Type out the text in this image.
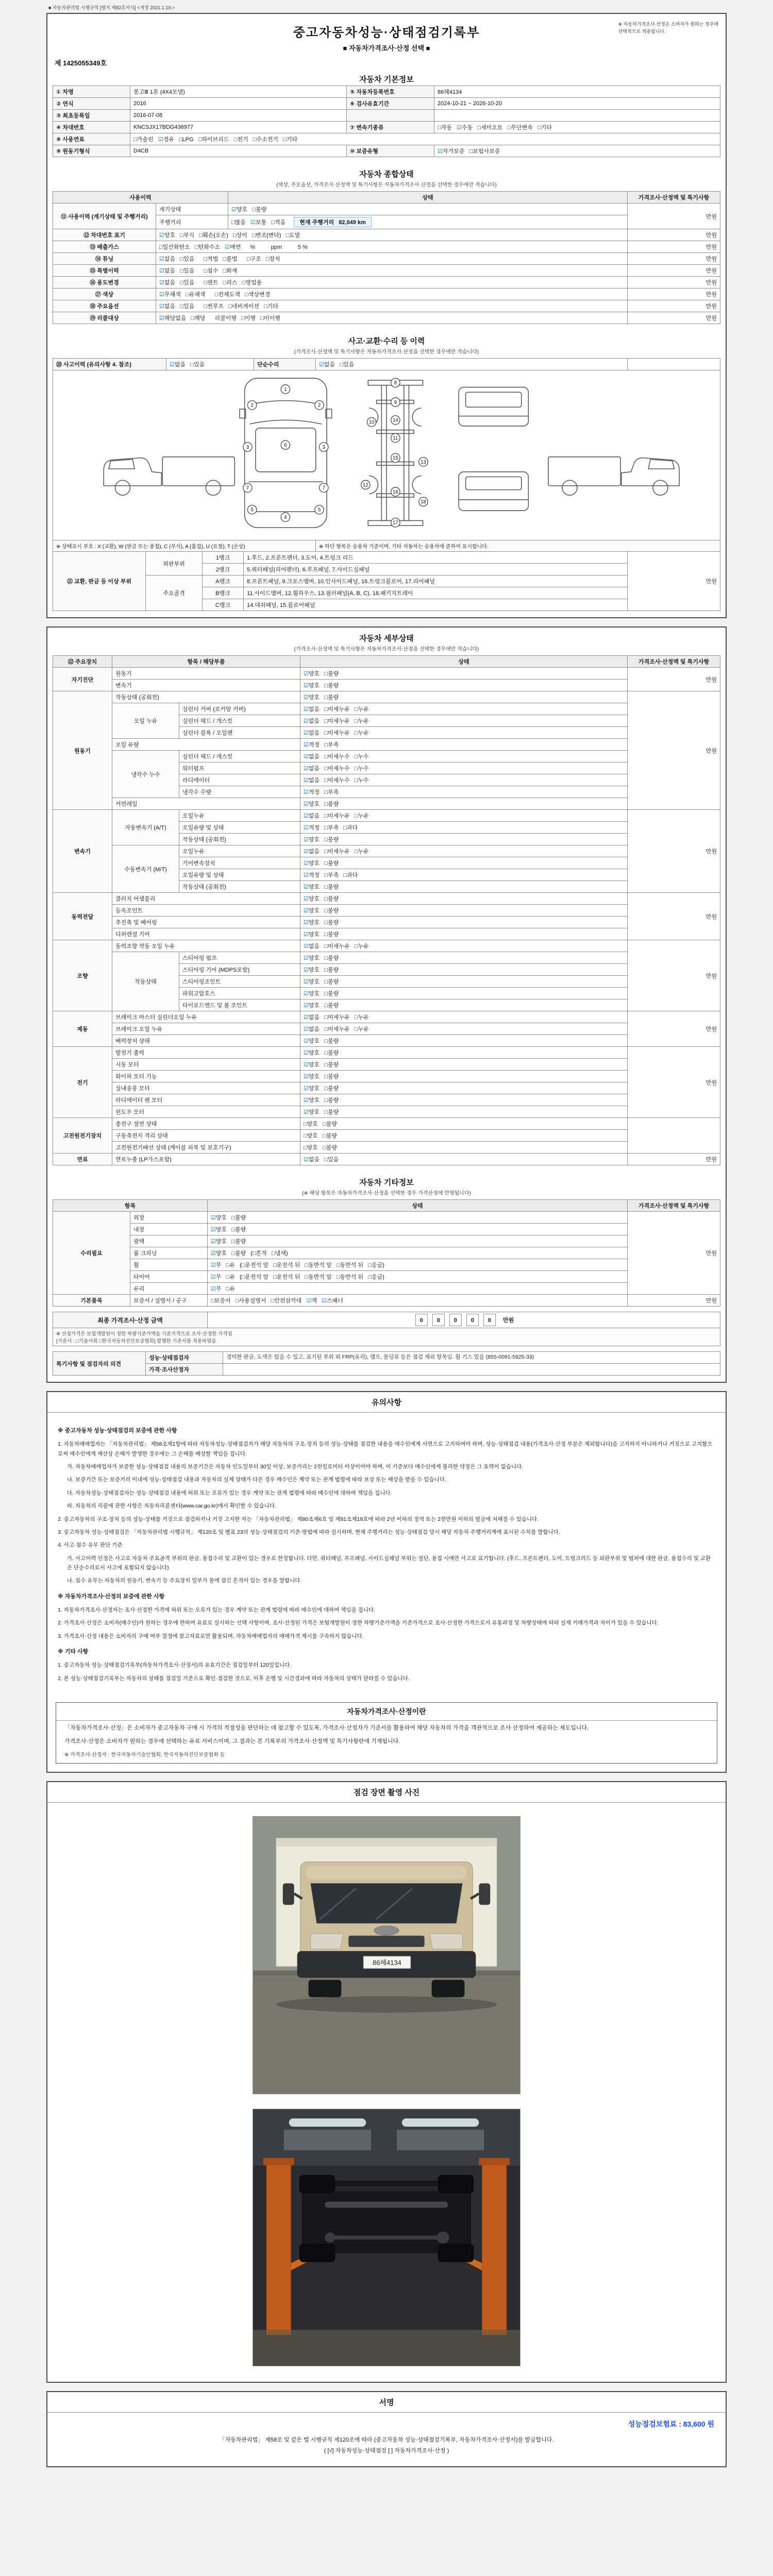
■ 자동차관리법 시행규칙 [별지 제82호서식] <개정 2021.1.19.>
중고자동차성능·상태점검기록부
■ 자동차가격조사·산정 선택 ■
※ 자동차가격조사·산정은 소비자가 원하는 경우에
선택적으로 적용됩니다.
제 1425055349호
자동차 기본정보
① 차명	봉고Ⅲ 1톤 (4X4모델)	⑤ 자동차등록번호	86혜4134
② 연식	2016	⑥ 검사유효기간	2024-10-21 ~ 2026-10-20
③ 최초등록일	2016-07-08		
④ 차대번호	KNCSJX17BDG436977	⑦ 변속기종류	□자동   ☑수동   □세미오토   □무단변속   □기타
⑧ 사용연료	□가솔린   ☑경유   □LPG   □하이브리드   □전기   □수소전기   □기타		
⑨ 원동기형식	D4CB	⑩ 보증유형	☑자가보증   □보험사보증
자동차 종합상태
(색상, 주요옵션, 가격조사·산정액 및 특기사항은 자동차가격조사·산정을 선택한 경우에만 적습니다)
사용이력		상태	가격조사·산정액 및 특기사항
⑪ 사용이력 (계기상태 및 주행거리)	계기상태	☑양호   □불량	만원
	주행거리	□많음   ☑보통   □적음 현재 주행거리   82,049 km	
⑫ 차대번호 표기	☑양호   □부식   □훼손(오손)   □상이   □변조(변타)   □도말		만원
⑬ 배출가스	□일산화탄소   □탄화수소   ☑매연 %          ppm          5 %		만원
⑭ 튜닝	☑없음   □있음      □적법   □불법      □구조   □장치		만원
⑮ 특별이력	☑없음   □있음      □침수   □화재		만원
⑯ 용도변경	☑없음   □있음      □렌트   □리스   □영업용		만원
⑰ 색상	☑무채색   □유채색      □전체도색   □색상변경		만원
⑱ 주요옵션	☑없음   □있음      □썬루프   □네비게이션   □기타		만원
⑲ 리콜대상	☑해당없음   □해당 리콜이행   □이행   □미이행		만원
사고·교환·수리 등 이력
(가격조사·산정액 및 특기사항은 자동차가격조사·산정을 선택한 경우에만 적습니다)
⑳ 사고이력 (유의사항 4. 참조)	☑없음   □있음	단순수리	☑없음   □있음	

1
2	2
3	3
4
5	5
6
7	7
8
9
10
11
12
13
14
15
16
17
18

※ 상태표시 부호 : X (교환), W (판금 또는 용접), C (부식), A (흠집), U (요철), T (손상)			※ 하단 항목은 승용차 기준이며, 기타 자동차는 승용차에 준하여 표시합니다.	
㉑ 교환, 판금 등 이상 부위	외판부위	1랭크	1.후드, 2.프론트펜더, 3.도어, 4.트렁크 리드	만원
		2랭크	5.쿼터패널(리어펜더), 6.루프패널, 7.사이드실패널	
	주요골격	A랭크	8.프론트패널, 9.크로스멤버, 10.인사이드패널, 16.트렁크플로어, 17.리어패널	
		B랭크	11.사이드멤버, 12.휠하우스, 13.필러패널(A, B, C), 18.패키지트레이	
		C랭크	14.대쉬패널, 15.플로어패널	
자동차 세부상태
(가격조사·산정액 및 특기사항은 자동차가격조사·산정을 선택한 경우에만 적습니다)
㉒ 주요장치	항목 / 해당부품		상태	가격조사·산정액 및 특기사항
자기진단	원동기		☑양호   □불량	만원
	변속기		☑양호   □불량	
원동기	작동상태 (공회전)		☑양호   □불량	만원
	오일 누유	실린더 커버 (로커암 커버)	☑없음   □미세누유   □누유	
		실린더 헤드 / 개스킷	☑없음   □미세누유   □누유	
		실린더 블록 / 오일팬	☑없음   □미세누유   □누유	
	오일 유량		☑적정   □부족	
	냉각수 누수	실린더 헤드 / 개스킷	☑없음   □미세누수   □누수	
		워터펌프	☑없음   □미세누수   □누수	
		라디에이터	☑없음   □미세누수   □누수	
		냉각수 수량	☑적정   □부족	
	커먼레일		☑양호   □불량	
변속기	자동변속기 (A/T)	오일누유	☑없음   □미세누유   □누유	만원
		오일유량 및 상태	☑적정   □부족   □과다	
		작동상태 (공회전)	☑양호   □불량	
	수동변속기 (M/T)	오일누유	☑없음   □미세누유   □누유	
		기어변속장치	☑양호   □불량	
		오일유량 및 상태	☑적정   □부족   □과다	
		작동상태 (공회전)	☑양호   □불량	
동력전달	클러치 어셈블리		☑양호   □불량	만원
	등속조인트		☑양호   □불량	
	추진축 및 베어링		☑양호   □불량	
	디퍼렌셜 기어		☑양호   □불량	
조향	동력조향 작동 오일 누유		☑없음   □미세누유   □누유	만원
	작동상태	스티어링 펌프	☑양호   □불량	
		스티어링 기어 (MDPS포함)	☑양호   □불량	
		스티어링조인트	☑양호   □불량	
		파워고압호스	☑양호   □불량	
		타이로드엔드 및 볼 조인트	☑양호   □불량	
제동	브레이크 마스터 실린더오일 누유		☑없음   □미세누유   □누유	만원
	브레이크 오일 누유		☑없음   □미세누유   □누유	
	배력장치 상태		☑양호   □불량	
전기	발전기 출력		☑양호   □불량	만원
	시동 모터		☑양호   □불량	
	와이퍼 모터 기능		☑양호   □불량	
	실내송풍 모터		☑양호   □불량	
	라디에이터 팬 모터		☑양호   □불량	
	윈도우 모터		☑양호   □불량	
고전원전기장치	충전구 절연 상태		□양호   □불량	
	구동축전지 격리 상태		□양호   □불량	
	고전원전기배선 상태 (케이블 피복 및 보호기구)		□양호   □불량	
연료	연료누출 (LP가스포함)		☑없음   □있음	만원
자동차 기타정보
(※ 해당 항목은 자동차가격조사·산정을 선택한 경우 가격산정에 반영됩니다)
항목		상태	가격조사·산정액 및 특기사항
수리필요	외장	☑양호   □불량	만원
	내장	☑양호   □불량	
	광택	☑양호   □불량	
	룸 크리닝	☑양호   □불량   (□흔적   □냄새)	
	휠	☑무   □유   (□운전석 앞   □운전석 뒤   □동반석 앞   □동반석 뒤   □응급)	
	타이어	☑무   □유   (□운전석 앞   □운전석 뒤   □동반석 앞   □동반석 뒤   □응급)	
	유리	☑무   □유	
기본품목	보증서 / 설명서 / 공구	□보증서   □사용설명서   □안전삼각대   ☑잭   ☑스패너	만원
최종 가격조사·산정 금액	0 0 0 0 0 만원

※ 산정가격은 보험개발원이 정한 차량기준가액을 기준가격으로 조사·산정한 가격임
[기준서 : □기술사회 □한국자동차진단보증협회] 발행한 기준서를 적용하였음
특기사항 및 점검자의 의견	성능·상태점검자	경미한 판금, 도색은 있을 수 있고, 표기된 부위 외 FRP(유리), 램프, 몰딩류 등은 점검 제외 항목임. 휠 기스 있음 (855-0091-5925-33)
	가격·조사산정자	
유의사항
※ 중고자동차 성능·상태점검의 보증에 관한 사항
1. 자동차매매업자는 「자동차관리법」 제58조제1항에 따라 자동차성능·상태점검자가 해당 자동차의 구조·장치 등의 성능·상태를 점검한 내용을 매수인에게 서면으로 고지하여야 하며, 성능·상태점검 내용(가격조사·산정 부분은 제외합니다)을 고지하지 아니하거나 거짓으로 고지함으로써 매수인에게 재산상 손해가 발생한 경우에는 그 손해를 배상할 책임을 집니다.
가. 자동차매매업자가 보증한 성능·상태점검 내용의 보증기간은 자동차 인도일부터 30일 이상, 보증거리는 2천킬로미터 이상이어야 하며, 이 기준보다 매수인에게 불리한 약정은 그 효력이 없습니다.
나. 보증기간 또는 보증거리 이내에 성능·상태점검 내용과 자동차의 실제 상태가 다른 경우 매수인은 계약 또는 관계 법령에 따라 보상 또는 배상을 받을 수 있습니다.
다. 자동차성능·상태점검자는 성능·상태점검 내용에 허위 또는 오류가 있는 경우 계약 또는 관계 법령에 따라 매수인에 대하여 책임을 집니다.
라. 자동차의 리콜에 관한 사항은 자동차리콜센터(www.car.go.kr)에서 확인할 수 있습니다.
2. 중고자동차의 구조·장치 등의 성능·상태를 거짓으로 점검하거나 거짓 고지한 자는 「자동차관리법」 제80조제6호 및 제81조제19호에 따라 2년 이하의 징역 또는 2천만원 이하의 벌금에 처해질 수 있습니다.
3. 중고자동차 성능·상태점검은 「자동차관리법 시행규칙」 제120조 및 별표 23의 성능·상태점검의 기준·방법에 따라 실시하며, 현재 주행거리는 성능·상태점검 당시 해당 자동차 주행거리계에 표시된 수치를 말합니다.
4. 사고·침수 유무 판단 기준
가. 사고이력 인정은 사고로 자동차 주요골격 부위의 판금, 용접수리 및 교환이 있는 경우로 한정합니다. 다만, 쿼터패널, 루프패널, 사이드실패널 부위는 절단, 용접 시에만 사고로 표기합니다. (후드, 프론트펜더, 도어, 트렁크리드 등 외판부위 및 범퍼에 대한 판금, 용접수리 및 교환은 단순수리로서 사고에 포함되지 않습니다)
나. 침수 유무는 자동차의 원동기, 변속기 등 주요장치 일부가 물에 잠긴 흔적이 있는 경우를 말합니다.
※ 자동차가격조사·산정의 보증에 관한 사항
1. 자동차가격조사·산정자는 조사·산정한 가격에 허위 또는 오류가 있는 경우 계약 또는 관계 법령에 따라 매수인에 대하여 책임을 집니다.
2. 가격조사·산정은 소비자(매수인)가 원하는 경우에 한하여 유료로 실시하는 선택 사항이며, 조사·산정된 가격은 보험개발원이 정한 차량기준가액을 기준가격으로 조사·산정한 가격으로서 유통과정 및 차량상태에 따라 실제 거래가격과 차이가 있을 수 있습니다.
3. 가격조사·산정 내용은 소비자의 구매 여부 결정에 참고자료로만 활용되며, 자동차매매업자의 매매가격 제시를 구속하지 않습니다.
※ 기타 사항
1. 중고자동차 성능·상태점검기록부(자동차가격조사·산정서)의 유효기간은 점검일부터 120일입니다.
2. 본 성능·상태점검기록부는 자동차의 상태를 점검일 기준으로 확인·점검한 것으로, 이후 운행 및 시간경과에 따라 자동차의 상태가 달라질 수 있습니다.
자동차가격조사·산정이란
「자동차가격조사·산정」은 소비자가 중고자동차 구매 시 가격의 적절성을 판단하는 데 참고할 수 있도록, 가격조사·산정자가 기준서를 활용하여 해당 자동차의 가격을 객관적으로 조사·산정하여 제공하는 제도입니다.
가격조사·산정은 소비자가 원하는 경우에 선택하는 유료 서비스이며, 그 결과는 본 기록부의 가격조사·산정액 및 특기사항란에 기재됩니다.
※ 가격조사·산정자 : 한국자동차기술인협회, 한국자동차진단보증협회 등
점검 장면 촬영 사진
86혜4134
서명
성능점검보험료 : 83,600 원
「자동차관리법」 제58조 및 같은 법 시행규칙 제120조에 따라 (중고자동차 성능·상태점검기록부, 자동차가격조사·산정서)를 발급합니다.
( [√] 자동차성능·상태점검 [ ] 자동차가격조사·산정 )
